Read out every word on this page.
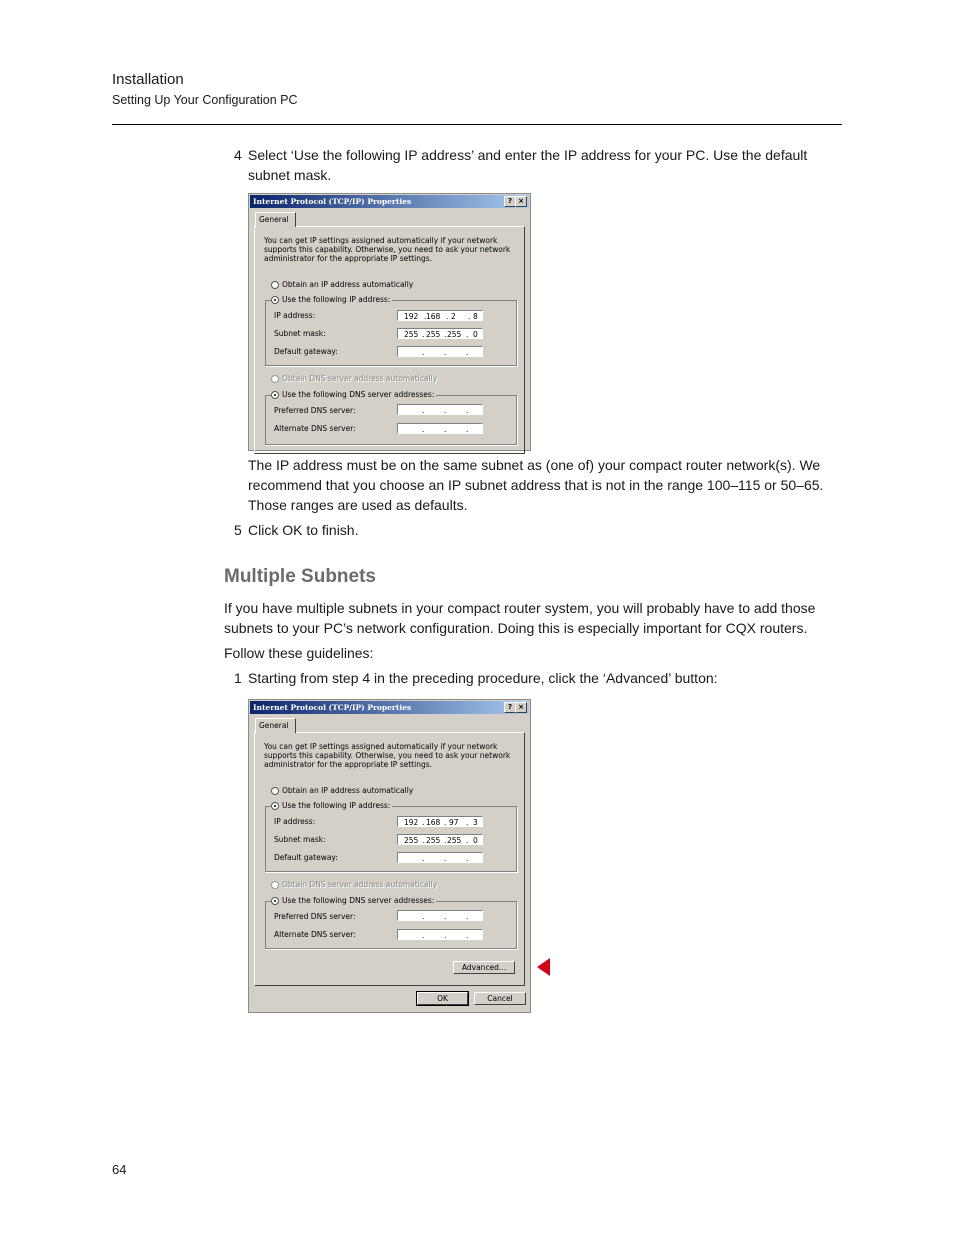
Installation
Setting Up Your Configuration PC
4 Select ‘Use the following IP address’ and enter the IP address for your PC. Use the default
subnet mask.
Internet Protocol (TCP/IP) Properties	? ×
General
You can get IP settings assigned automatically if your network supports this capability. Otherwise, you need to ask your network administrator for the appropriate IP settings.
Obtain an IP address automatically
Use the following IP address:
IP address:	192 . 168 . 2 . 8
Subnet mask:	255 . 255 . 255 . 0
Default gateway:	.	.	.
Obtain DNS server address automatically
Use the following DNS server addresses:
Preferred DNS server:	.	.	.
Alternate DNS server:	.	.	.
The IP address must be on the same subnet as (one of) your compact router network(s). We
recommend that you choose an IP subnet address that is not in the range 100–115 or 50–65.
Those ranges are used as defaults.
5 Click OK to finish.
Multiple Subnets
If you have multiple subnets in your compact router system, you will probably have to add those
subnets to your PC’s network configuration. Doing this is especially important for CQX routers.
Follow these guidelines:
1 Starting from step 4 in the preceding procedure, click the ‘Advanced’ button:
Internet Protocol (TCP/IP) Properties	? ×
General
You can get IP settings assigned automatically if your network supports this capability. Otherwise, you need to ask your network administrator for the appropriate IP settings.
Obtain an IP address automatically
Use the following IP address:
IP address:	192 . 168 . 97 . 3
Subnet mask:	255 . 255 . 255 . 0
Default gateway:	.	.	.
Obtain DNS server address automatically
Use the following DNS server addresses:
Preferred DNS server:	.	.	.
Alternate DNS server:	.	.	.
Advanced...
OK	Cancel
64
